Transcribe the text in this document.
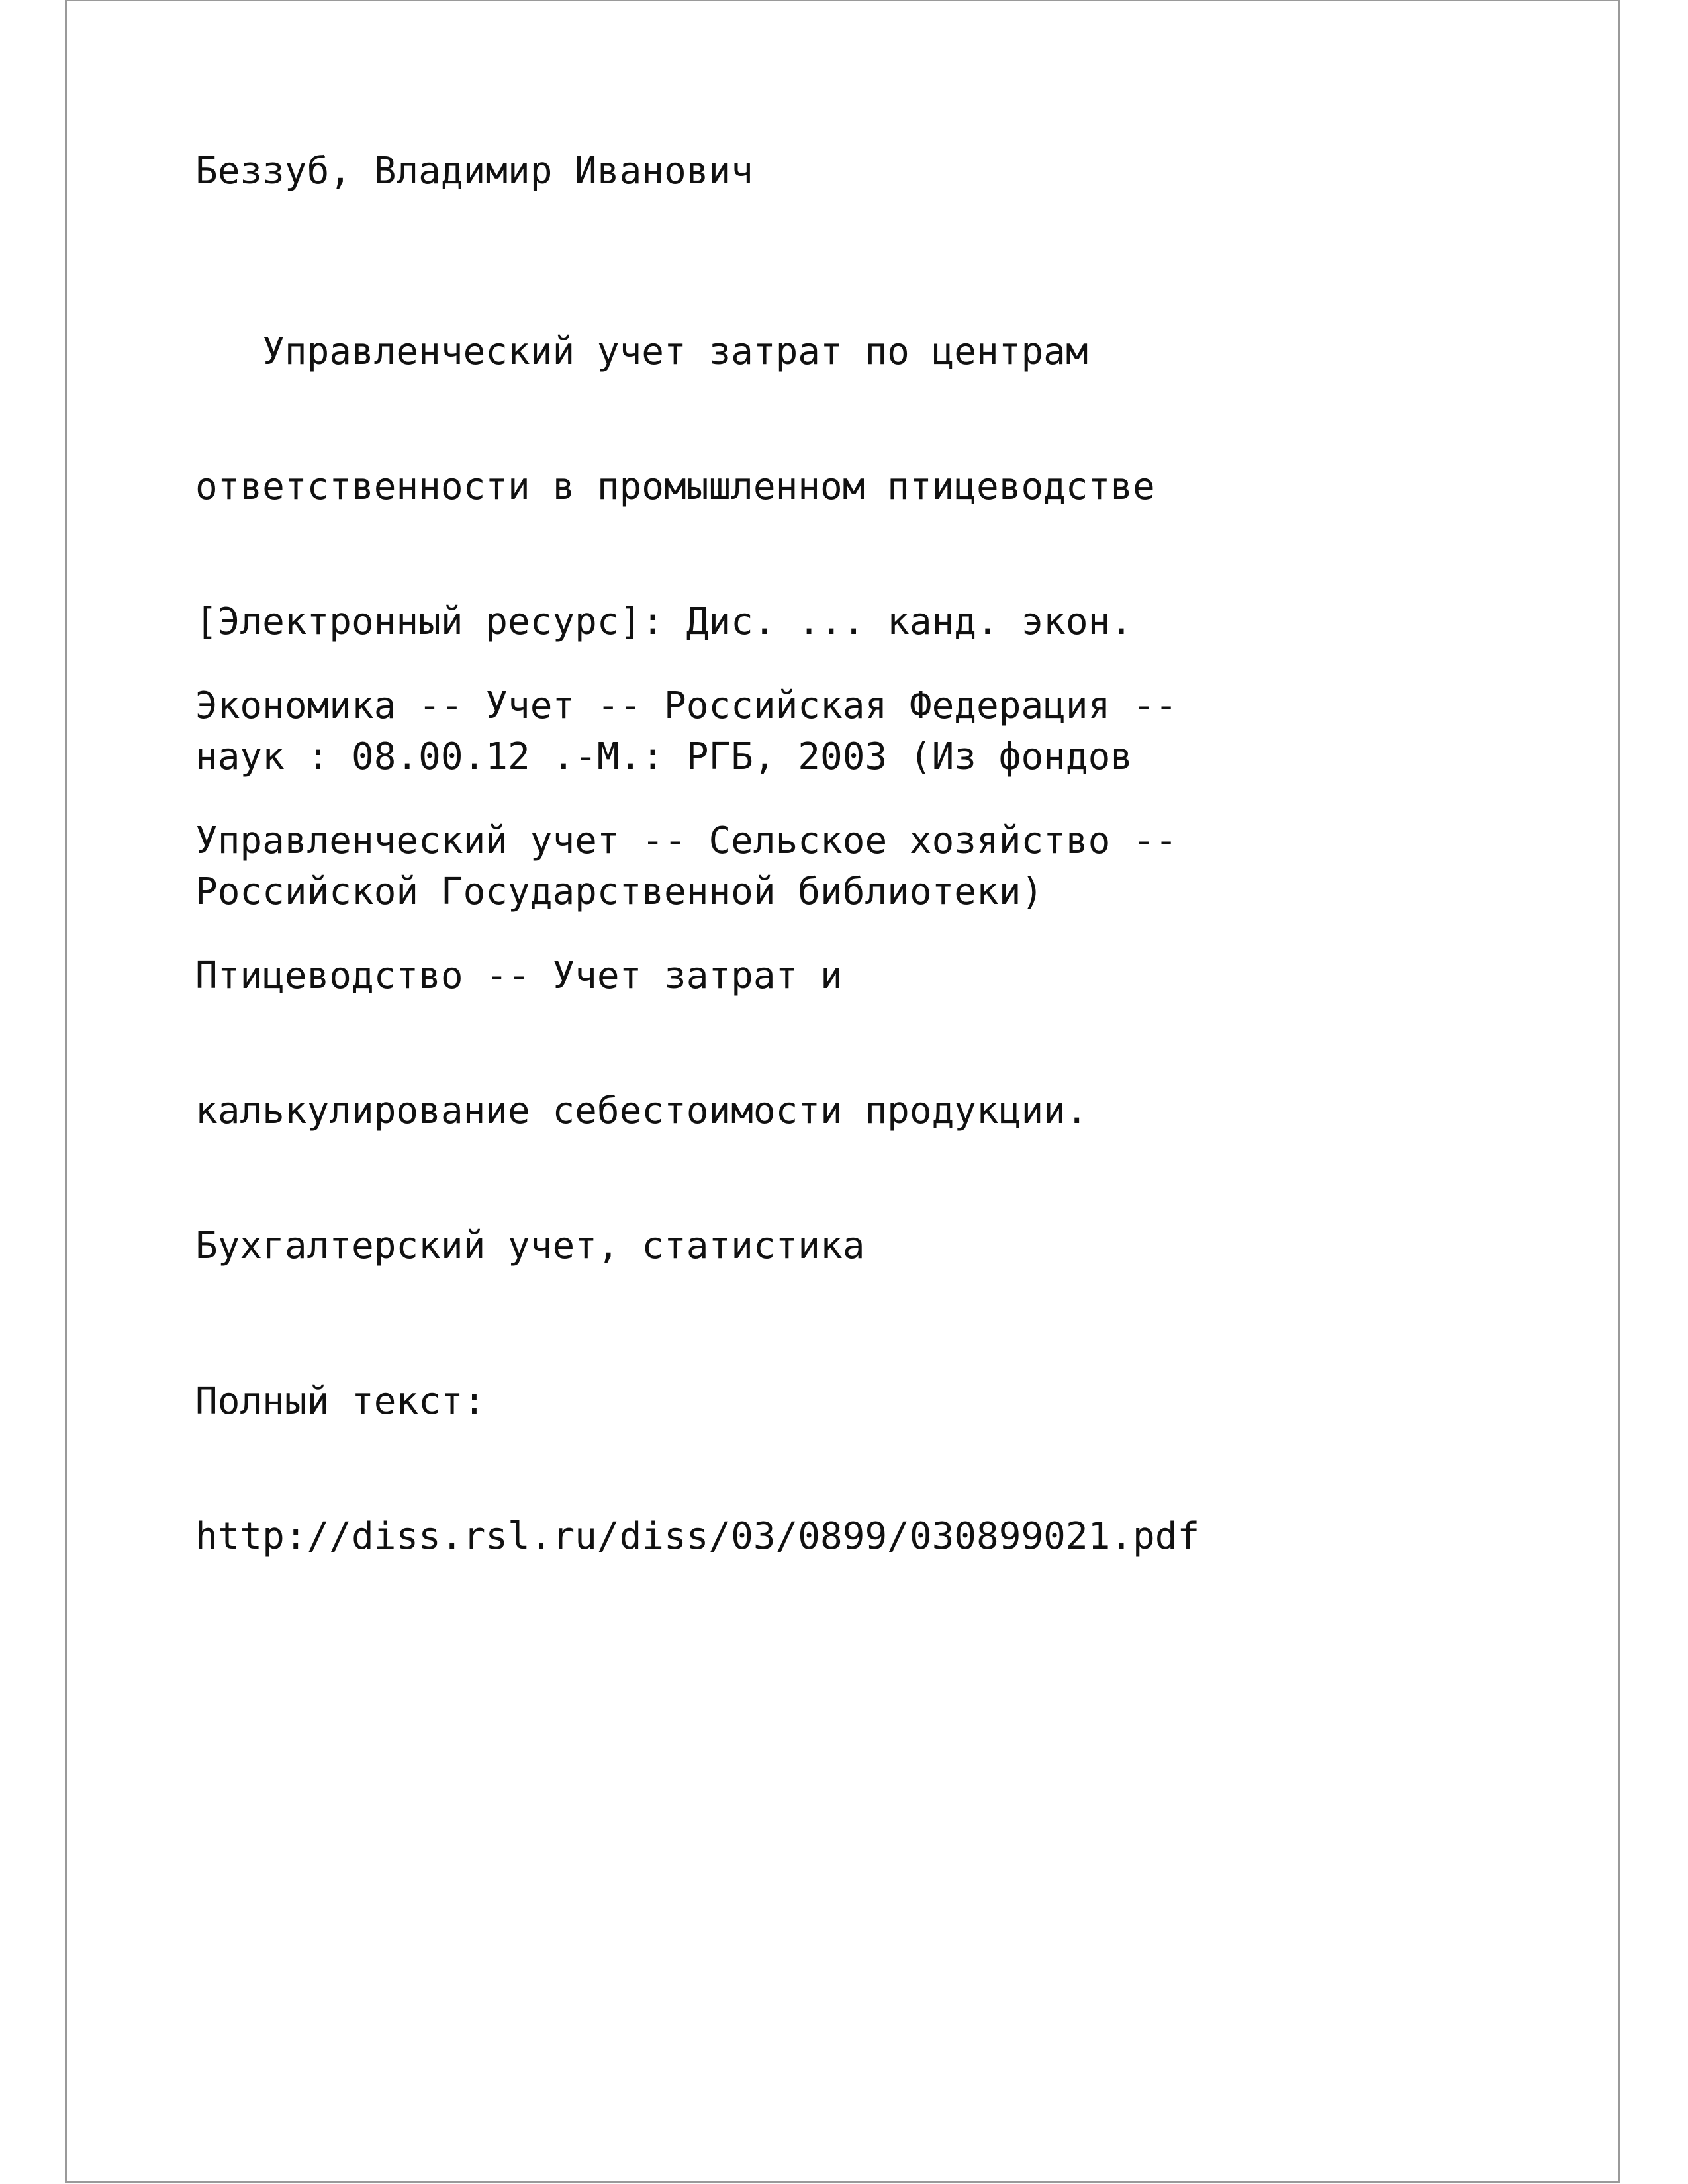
Беззуб, Владимир Иванович

Управленческий учет затрат по центрам

ответственности в промышленном птицеводстве

[Электронный ресурс]: Дис. ... канд. экон.

наук : 08.00.12 .-М.: РГБ, 2003 (Из фондов

Российской Государственной библиотеки)

Экономика -- Учет -- Российская Федерация --

Управленческий учет -- Сельское хозяйство --

Птицеводство -- Учет затрат и

калькулирование себестоимости продукции.

Бухгалтерский учет, статистика

Полный текст:

http://diss.rsl.ru/diss/03/0899/030899021.pdf
